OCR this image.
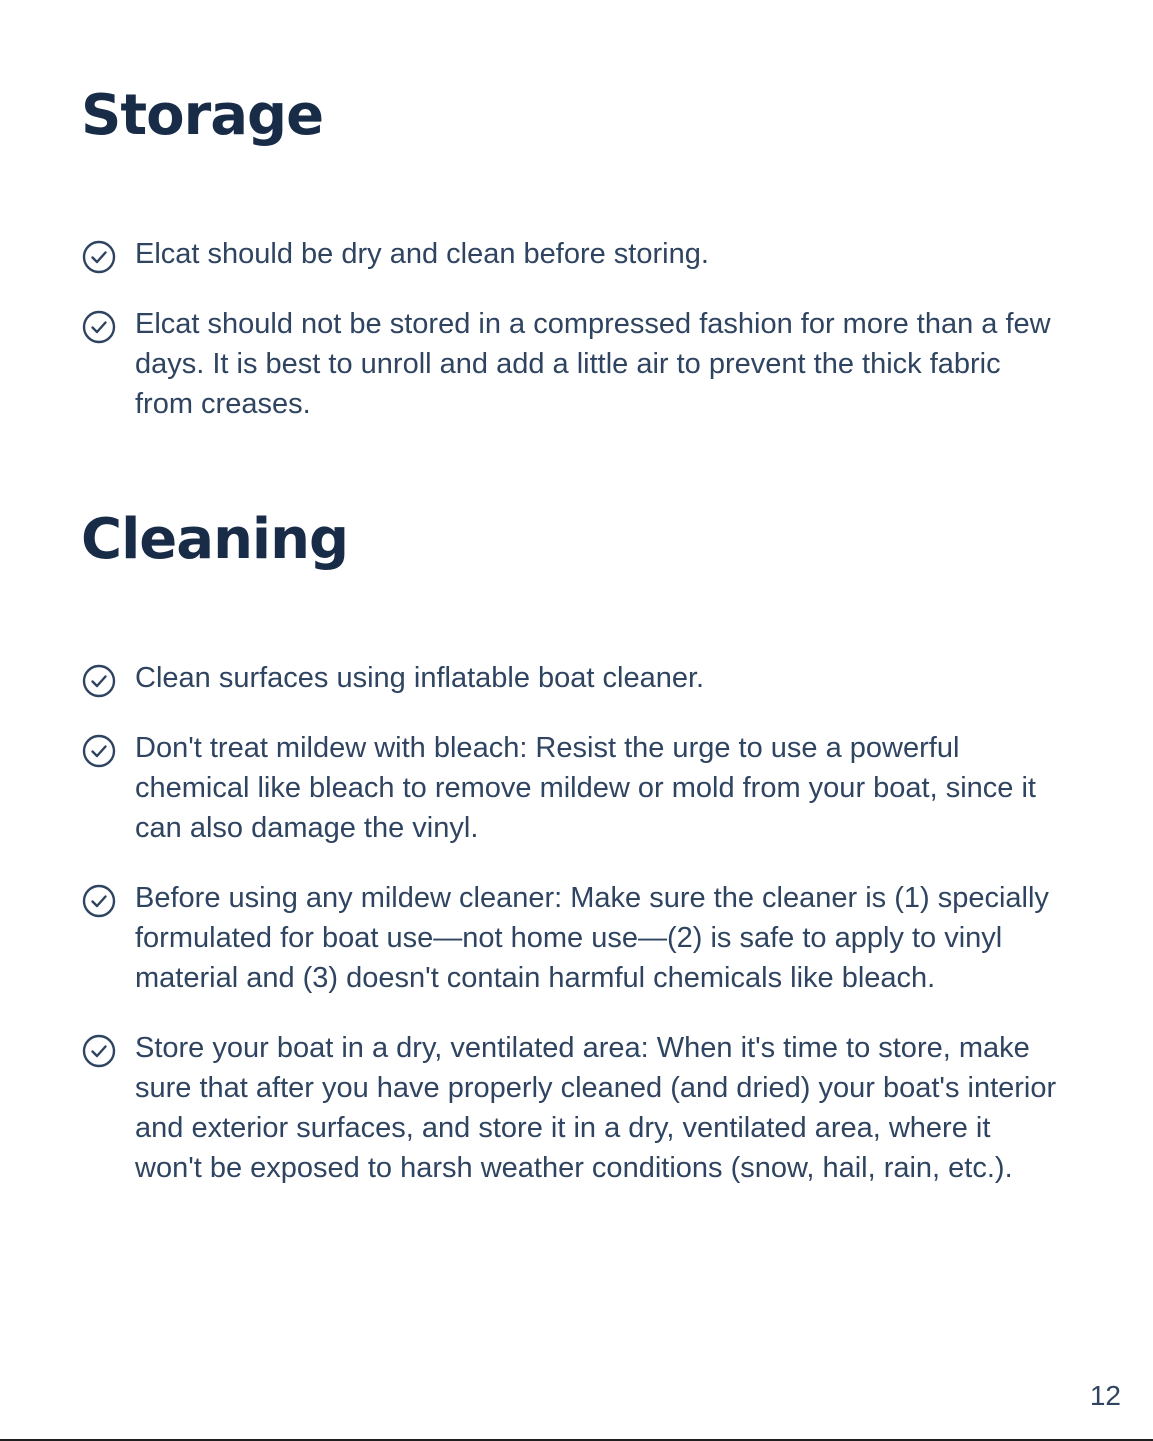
Storage
Elcat should be dry and clean before storing.
Elcat should not be stored in a compressed fashion for more than a few days. It is best to unroll and add a little air to prevent the thick fabric from creases.
Cleaning
Clean surfaces using inflatable boat cleaner.
Don't treat mildew with bleach: Resist the urge to use a powerful chemical like bleach to remove mildew or mold from your boat, since it can also damage the vinyl.
Before using any mildew cleaner: Make sure the cleaner is (1) specially formulated for boat use—not home use—(2) is safe to apply to vinyl material and (3) doesn't contain harmful chemicals like bleach.
Store your boat in a dry, ventilated area: When it's time to store, make sure that after you have properly cleaned (and dried) your boat's interior and exterior surfaces, and store it in a dry, ventilated area, where it won't be exposed to harsh weather conditions (snow, hail, rain, etc.).
12
